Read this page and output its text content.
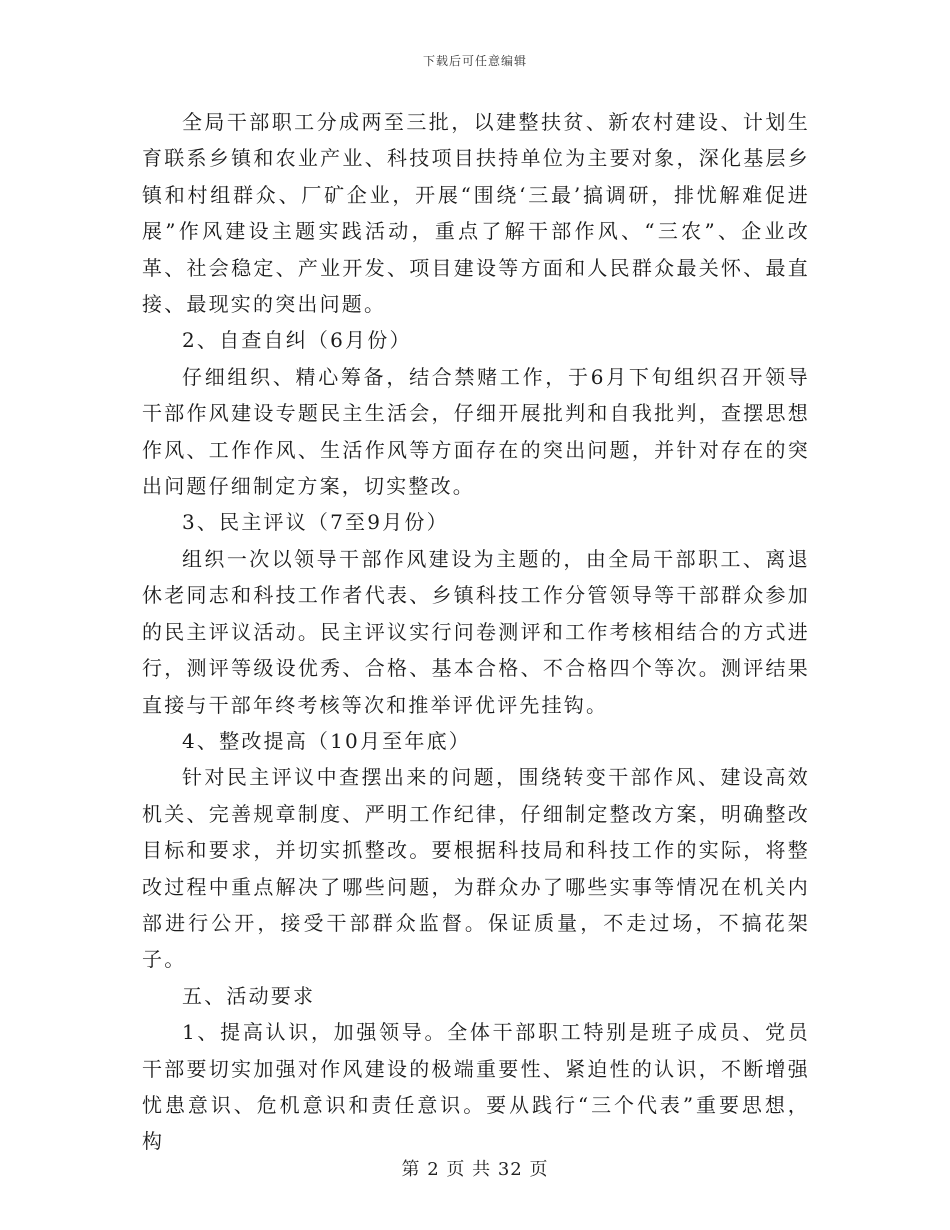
下载后可任意编辑

全局干部职工分成两至三批，以建整扶贫、新农村建设、计划生育联系乡镇和农业产业、科技项目扶持单位为主要对象，深化基层乡镇和村组群众、厂矿企业，开展“围绕‘三最’搞调研，排忧解难促进展”作风建设主题实践活动，重点了解干部作风、“三农”、企业改革、社会稳定、产业开发、项目建设等方面和人民群众最关怀、最直接、最现实的突出问题。

2、自查自纠（6月份）

仔细组织、精心筹备，结合禁赌工作，于6月下旬组织召开领导干部作风建设专题民主生活会，仔细开展批判和自我批判，查摆思想作风、工作作风、生活作风等方面存在的突出问题，并针对存在的突出问题仔细制定方案，切实整改。

3、民主评议（7至9月份）

组织一次以领导干部作风建设为主题的，由全局干部职工、离退休老同志和科技工作者代表、乡镇科技工作分管领导等干部群众参加的民主评议活动。民主评议实行问卷测评和工作考核相结合的方式进行，测评等级设优秀、合格、基本合格、不合格四个等次。测评结果直接与干部年终考核等次和推举评优评先挂钩。

4、整改提高（10月至年底）

针对民主评议中查摆出来的问题，围绕转变干部作风、建设高效机关、完善规章制度、严明工作纪律，仔细制定整改方案，明确整改目标和要求，并切实抓整改。要根据科技局和科技工作的实际，将整改过程中重点解决了哪些问题，为群众办了哪些实事等情况在机关内部进行公开，接受干部群众监督。保证质量，不走过场，不搞花架子。

五、活动要求

1、提高认识，加强领导。全体干部职工特别是班子成员、党员干部要切实加强对作风建设的极端重要性、紧迫性的认识，不断增强忧患意识、危机意识和责任意识。要从践行“三个代表”重要思想，构

第 2 页 共 32 页
